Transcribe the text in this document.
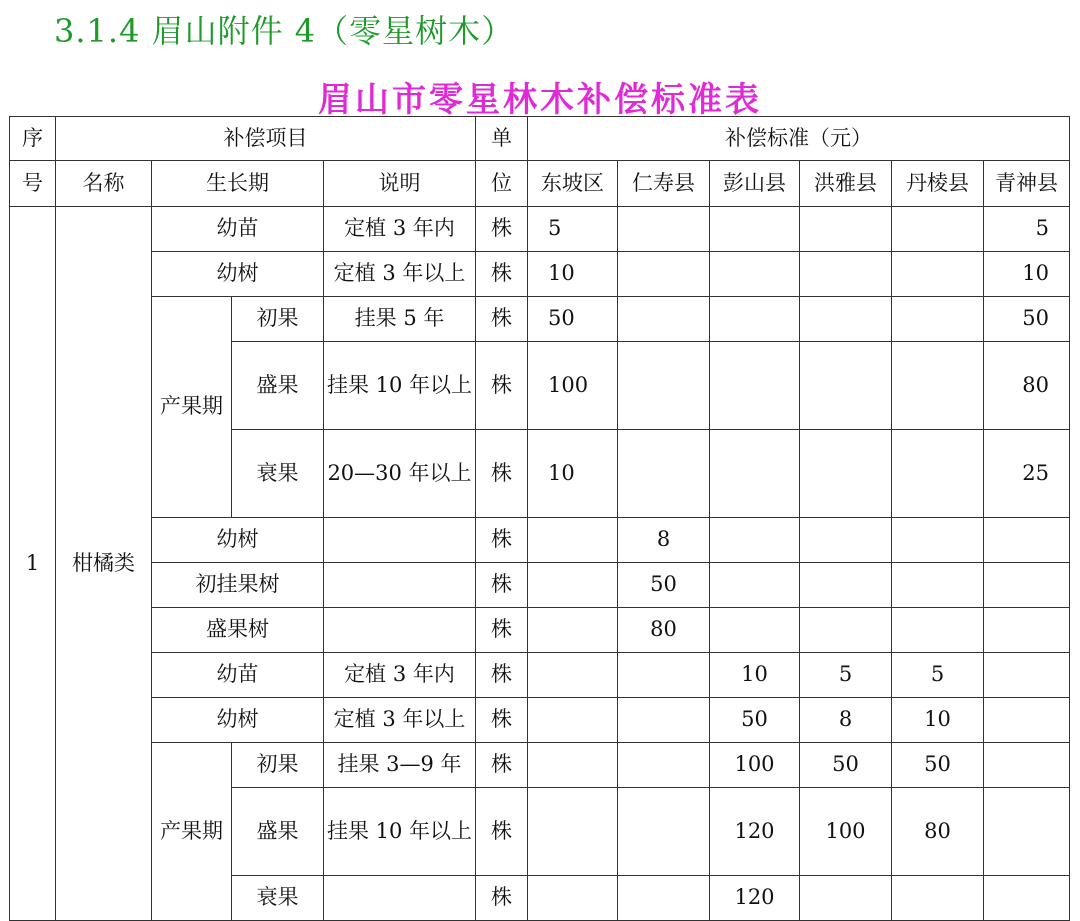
3.1.4 眉山附件 4（零星树木）
眉山市零星林木补偿标准表
序	补偿项目				单	补偿标准（元）					
号	名称	生长期		说明	位	东坡区	仁寿县	彭山县	洪雅县	丹棱县	青神县
1	柑橘类	幼苗		定植 3 年内	株	5					5
		幼树		定植 3 年以上	株	10					10
		产果期	初果	挂果 5 年	株	50					50
			盛果	挂果 10 年以上	株	100					80
			衰果	20—30 年以上	株	10					25
		幼树			株		8				
		初挂果树			株		50				
		盛果树			株		80				
		幼苗		定植 3 年内	株			10	5	5	
		幼树		定植 3 年以上	株			50	8	10	
		产果期	初果	挂果 3—9 年	株			100	50	50	
			盛果	挂果 10 年以上	株			120	100	80	
			衰果		株			120			
